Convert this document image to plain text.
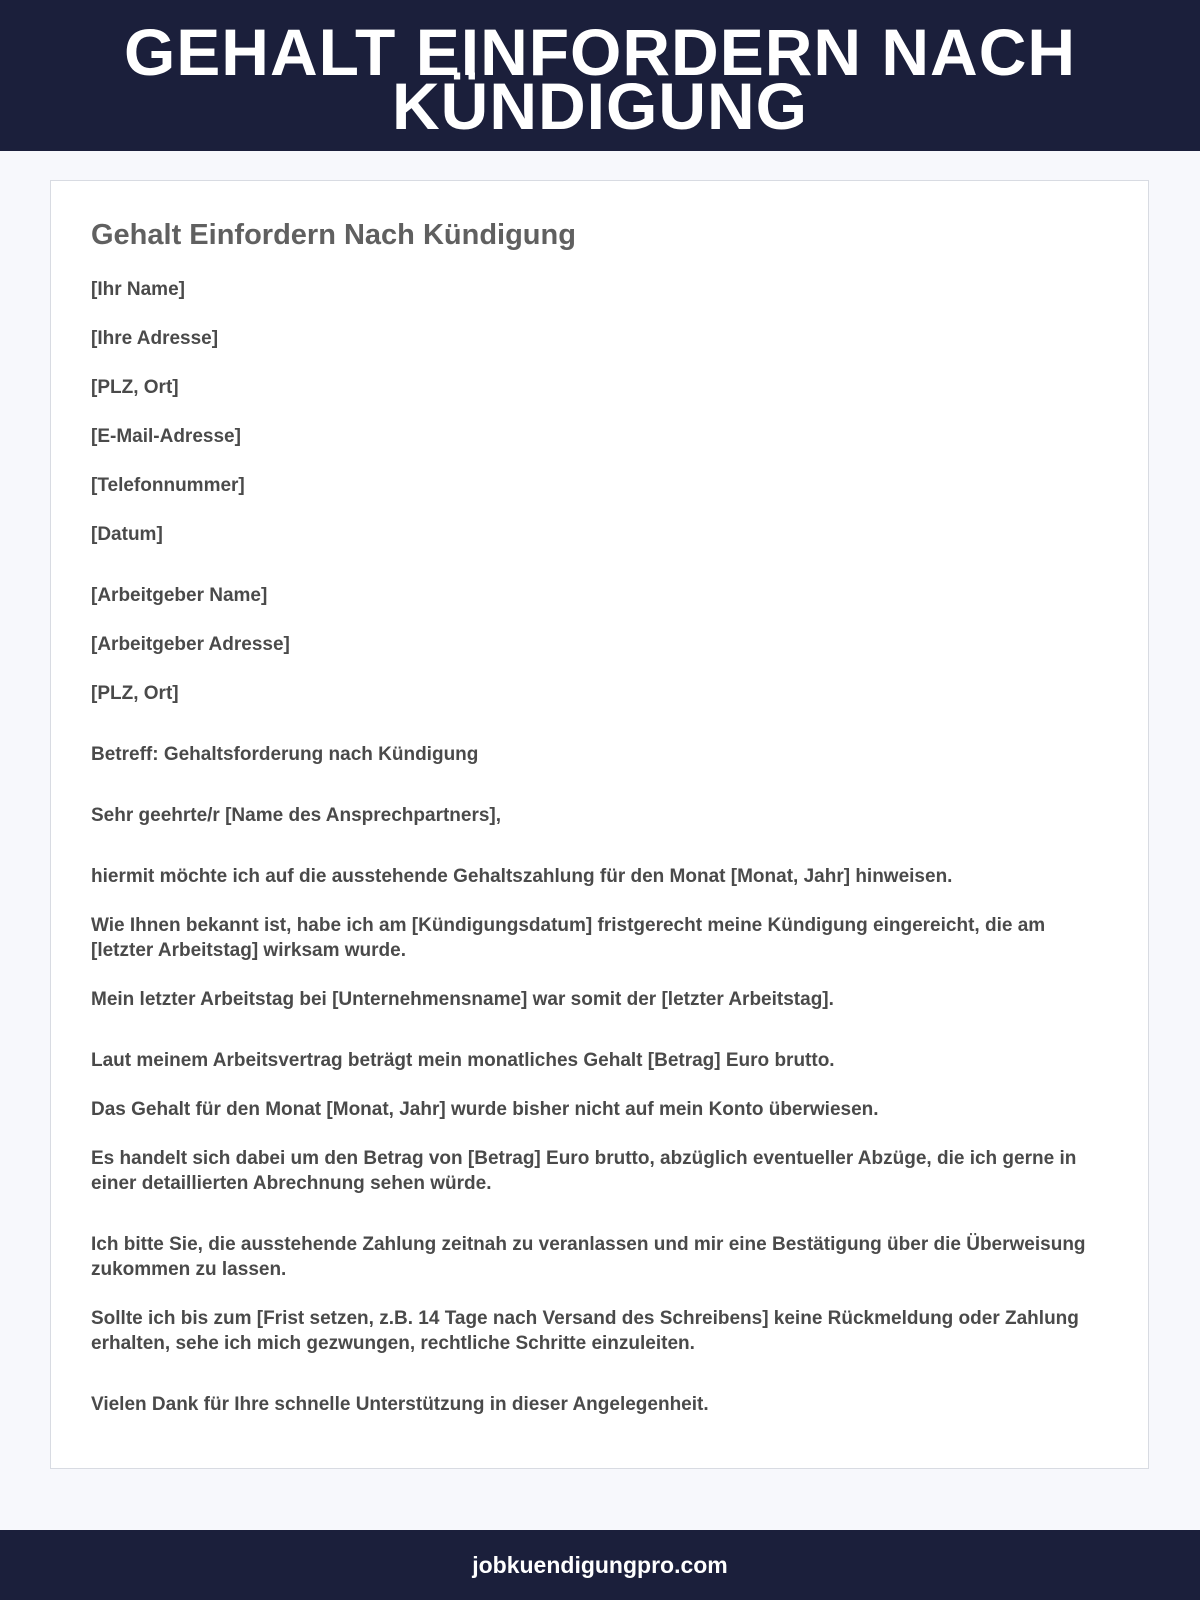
GEHALT EINFORDERN NACH KÜNDIGUNG
Gehalt Einfordern Nach Kündigung

[Ihr Name]

[Ihre Adresse]

[PLZ, Ort]

[E-Mail-Adresse]

[Telefonnummer]

[Datum]

[Arbeitgeber Name]

[Arbeitgeber Adresse]

[PLZ, Ort]

Betreff: Gehaltsforderung nach Kündigung

Sehr geehrte/r [Name des Ansprechpartners],

hiermit möchte ich auf die ausstehende Gehaltszahlung für den Monat [Monat, Jahr] hinweisen.

Wie Ihnen bekannt ist, habe ich am [Kündigungsdatum] fristgerecht meine Kündigung eingereicht, die am [letzter Arbeitstag] wirksam wurde.

Mein letzter Arbeitstag bei [Unternehmensname] war somit der [letzter Arbeitstag].

Laut meinem Arbeitsvertrag beträgt mein monatliches Gehalt [Betrag] Euro brutto.

Das Gehalt für den Monat [Monat, Jahr] wurde bisher nicht auf mein Konto überwiesen.

Es handelt sich dabei um den Betrag von [Betrag] Euro brutto, abzüglich eventueller Abzüge, die ich gerne in einer detaillierten Abrechnung sehen würde.

Ich bitte Sie, die ausstehende Zahlung zeitnah zu veranlassen und mir eine Bestätigung über die Überweisung zukommen zu lassen.

Sollte ich bis zum [Frist setzen, z.B. 14 Tage nach Versand des Schreibens] keine Rückmeldung oder Zahlung erhalten, sehe ich mich gezwungen, rechtliche Schritte einzuleiten.

Vielen Dank für Ihre schnelle Unterstützung in dieser Angelegenheit.

jobkuendigungpro.com
